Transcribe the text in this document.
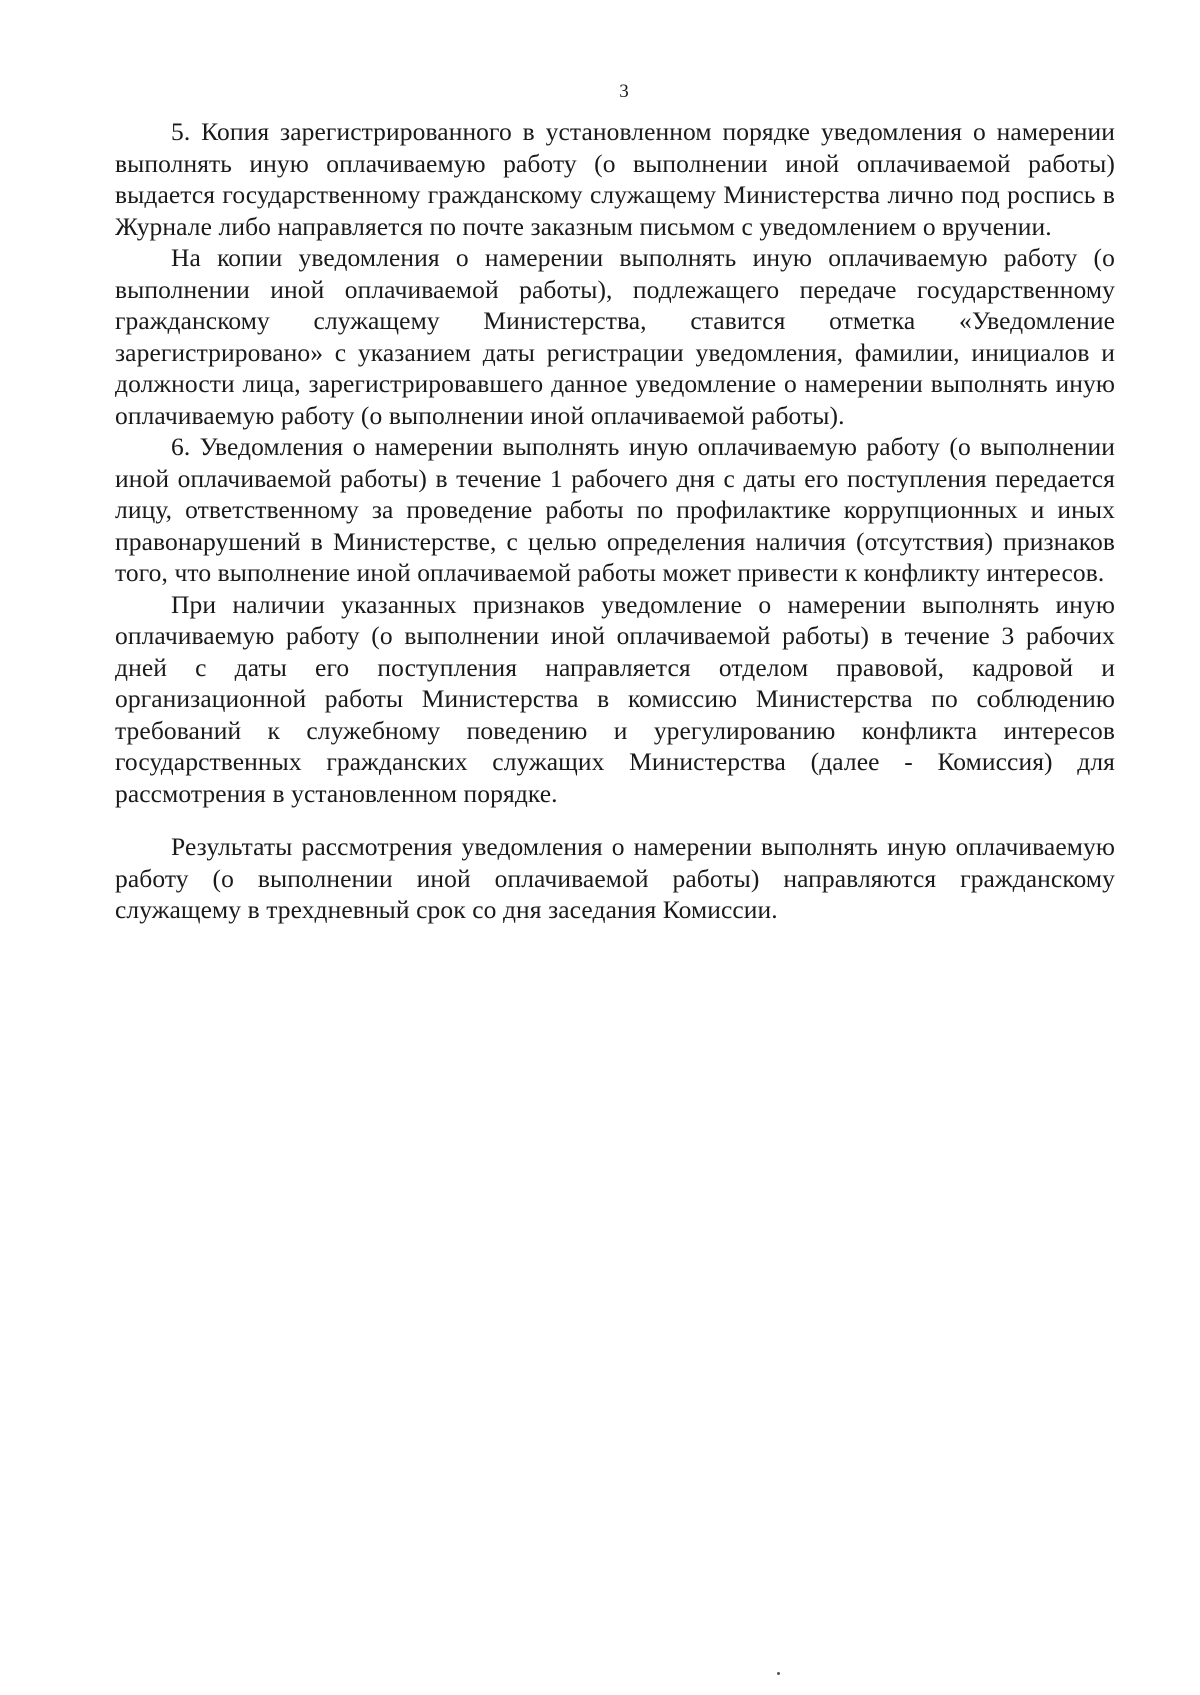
3

5. Копия зарегистрированного в установленном порядке уведомления о намерении выполнять иную оплачиваемую работу (о выполнении иной оплачиваемой работы) выдается государственному гражданскому служащему Министерства лично под роспись в Журнале либо направляется по почте заказным письмом с уведомлением о вручении.

На копии уведомления о намерении выполнять иную оплачиваемую работу (о выполнении иной оплачиваемой работы), подлежащего передаче государственному гражданскому служащему Министерства, ставится отметка «Уведомление зарегистрировано» с указанием даты регистрации уведомления, фамилии, инициалов и должности лица, зарегистрировавшего данное уведомление о намерении выполнять иную оплачиваемую работу (о выполнении иной оплачиваемой работы).

6. Уведомления о намерении выполнять иную оплачиваемую работу (о выполнении иной оплачиваемой работы) в течение 1 рабочего дня с даты его поступления передается лицу, ответственному за проведение работы по профилактике коррупционных и иных правонарушений в Министерстве, с целью определения наличия (отсутствия) признаков того, что выполнение иной оплачиваемой работы может привести к конфликту интересов.

При наличии указанных признаков уведомление о намерении выполнять иную оплачиваемую работу (о выполнении иной оплачиваемой работы) в течение 3 рабочих дней с даты его поступления направляется отделом правовой, кадровой и организационной работы Министерства в комиссию Министерства по соблюдению требований к служебному поведению и урегулированию конфликта интересов государственных гражданских служащих Министерства (далее - Комиссия) для рассмотрения в установленном порядке.

Результаты рассмотрения уведомления о намерении выполнять иную оплачиваемую работу (о выполнении иной оплачиваемой работы) направляются гражданскому служащему в трехдневный срок со дня заседания Комиссии.
